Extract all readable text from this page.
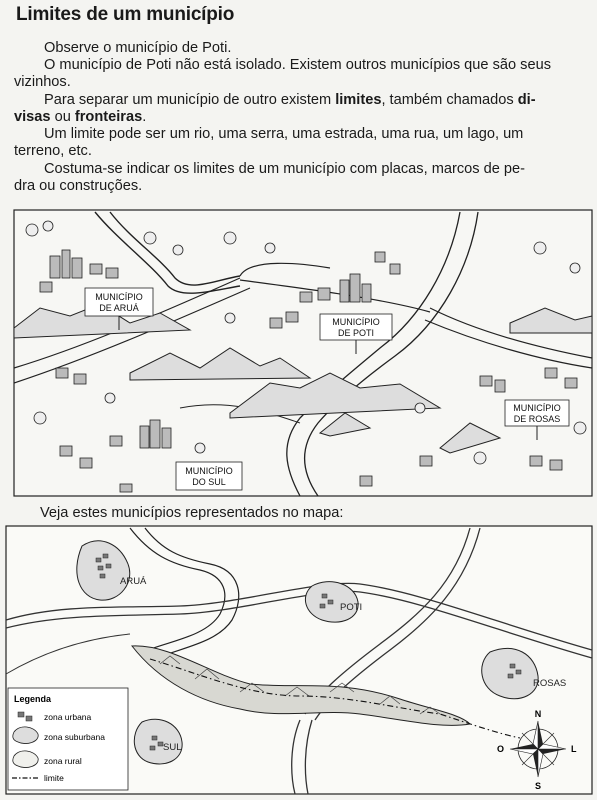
Limites de um município
Observe o município de Poti.
O município de Poti não está isolado. Existem outros municípios que são seus
vizinhos.
Para separar um município de outro existem limites, também chamados di-
visas ou fronteiras.
Um limite pode ser um rio, uma serra, uma estrada, uma rua, um lago, um
terreno, etc.
Costuma-se indicar os limites de um município com placas, marcos de pe-
dra ou construções.
MUNICÍPIO
DE ARUÁ
MUNICÍPIO
DE POTI
MUNICÍPIO
DE ROSAS
MUNICÍPIO
DO SUL
Veja estes municípios representados no mapa:
ARUÁ
POTI
ROSAS
SUL
Legenda
zona urbana
zona suburbana
zona rural
limite
N
S
L
O
